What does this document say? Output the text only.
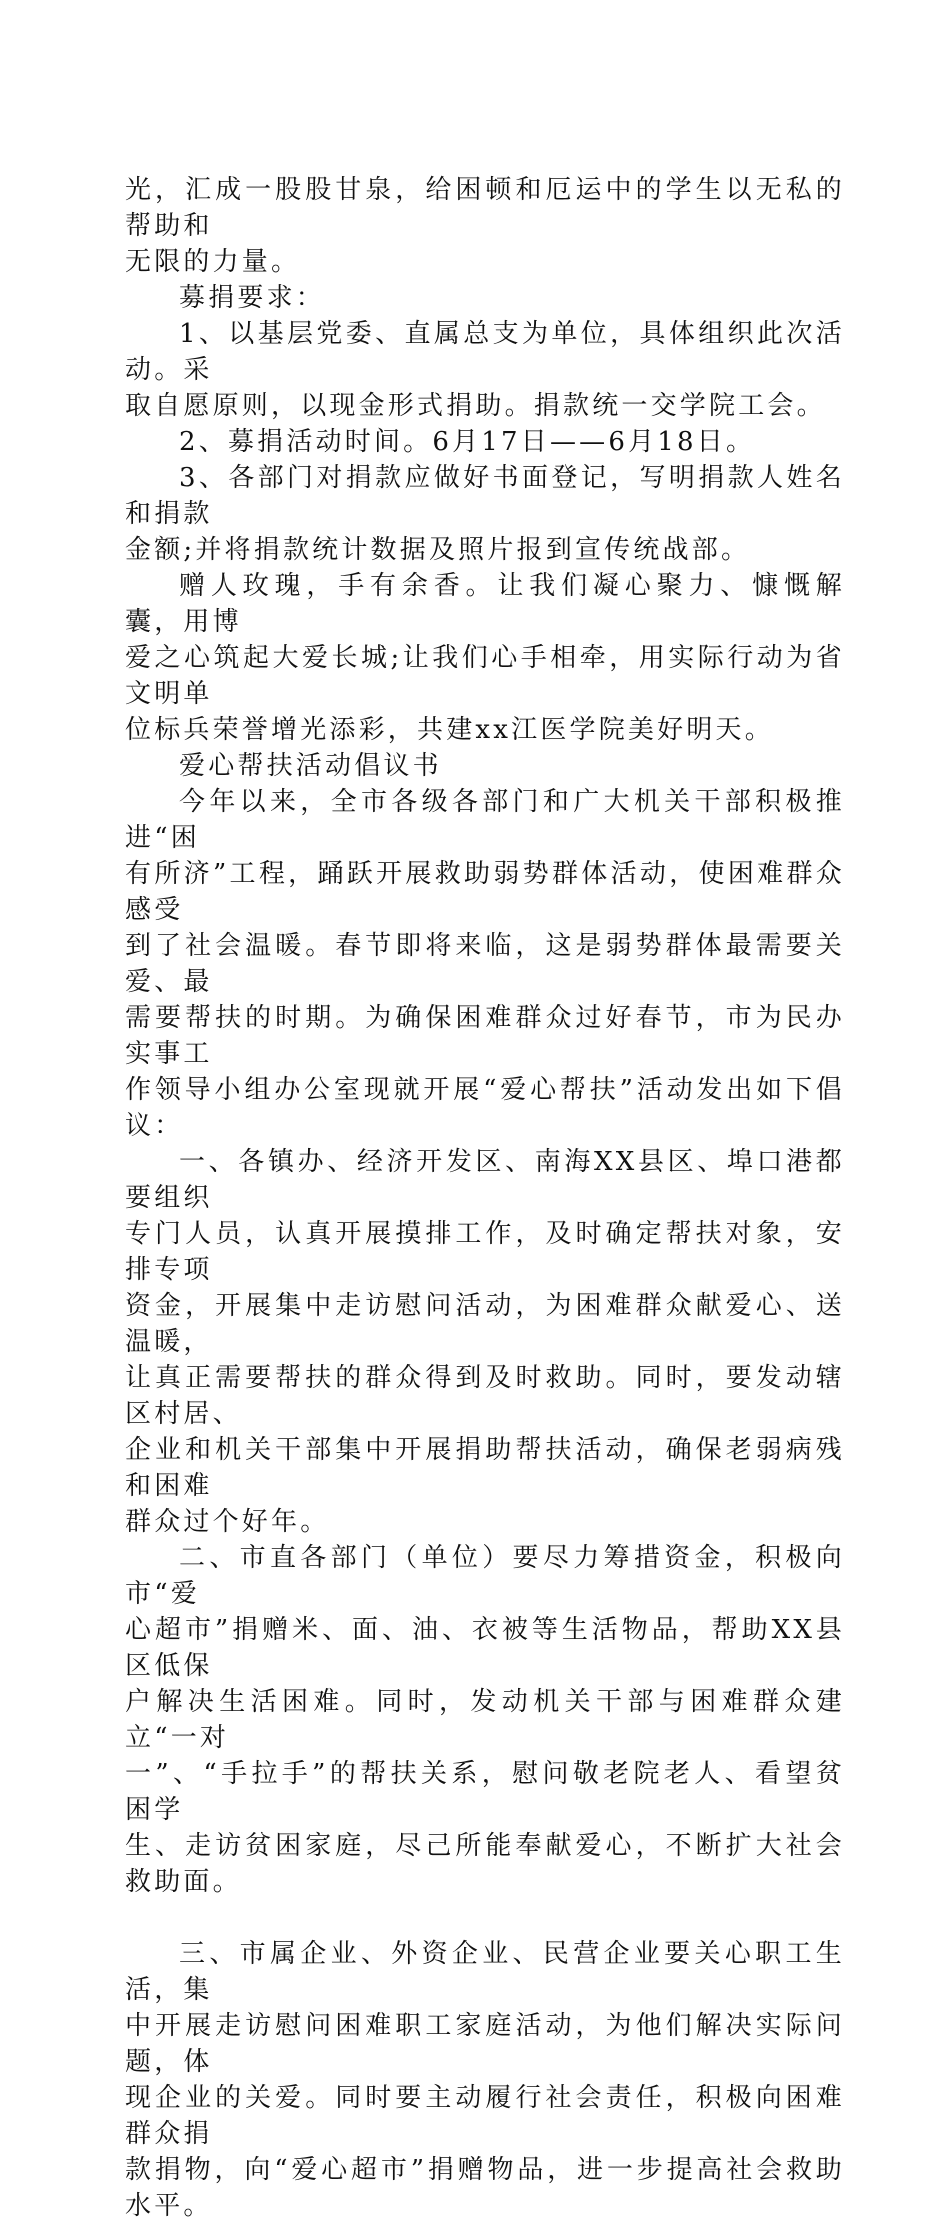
光，汇成一股股甘泉，给困顿和厄运中的学生以无私的帮助和
无限的力量。

募捐要求：

1、以基层党委、直属总支为单位，具体组织此次活动。采
取自愿原则，以现金形式捐助。捐款统一交学院工会。

2、募捐活动时间。6月17日——6月18日。

3、各部门对捐款应做好书面登记，写明捐款人姓名和捐款
金额;并将捐款统计数据及照片报到宣传统战部。

赠人玫瑰，手有余香。让我们凝心聚力、慷慨解囊，用博
爱之心筑起大爱长城;让我们心手相牵，用实际行动为省文明单
位标兵荣誉增光添彩，共建xx江医学院美好明天。

爱心帮扶活动倡议书

今年以来，全市各级各部门和广大机关干部积极推进“困
有所济”工程，踊跃开展救助弱势群体活动，使困难群众感受
到了社会温暖。春节即将来临，这是弱势群体最需要关爱、最
需要帮扶的时期。为确保困难群众过好春节，市为民办实事工
作领导小组办公室现就开展“爱心帮扶”活动发出如下倡议：

一、各镇办、经济开发区、南海XX县区、埠口港都要组织
专门人员，认真开展摸排工作，及时确定帮扶对象，安排专项
资金，开展集中走访慰问活动，为困难群众献爱心、送温暖，
让真正需要帮扶的群众得到及时救助。同时，要发动辖区村居、
企业和机关干部集中开展捐助帮扶活动，确保老弱病残和困难
群众过个好年。

二、市直各部门（单位）要尽力筹措资金，积极向市“爱
心超市”捐赠米、面、油、衣被等生活物品，帮助XX县区低保
户解决生活困难。同时，发动机关干部与困难群众建立“一对
一”、“手拉手”的帮扶关系，慰问敬老院老人、看望贫困学
生、走访贫困家庭，尽己所能奉献爱心，不断扩大社会救助面。

三、市属企业、外资企业、民营企业要关心职工生活，集
中开展走访慰问困难职工家庭活动，为他们解决实际问题，体
现企业的关爱。同时要主动履行社会责任，积极向困难群众捐
款捐物，向“爱心超市”捐赠物品，进一步提高社会救助水平。
